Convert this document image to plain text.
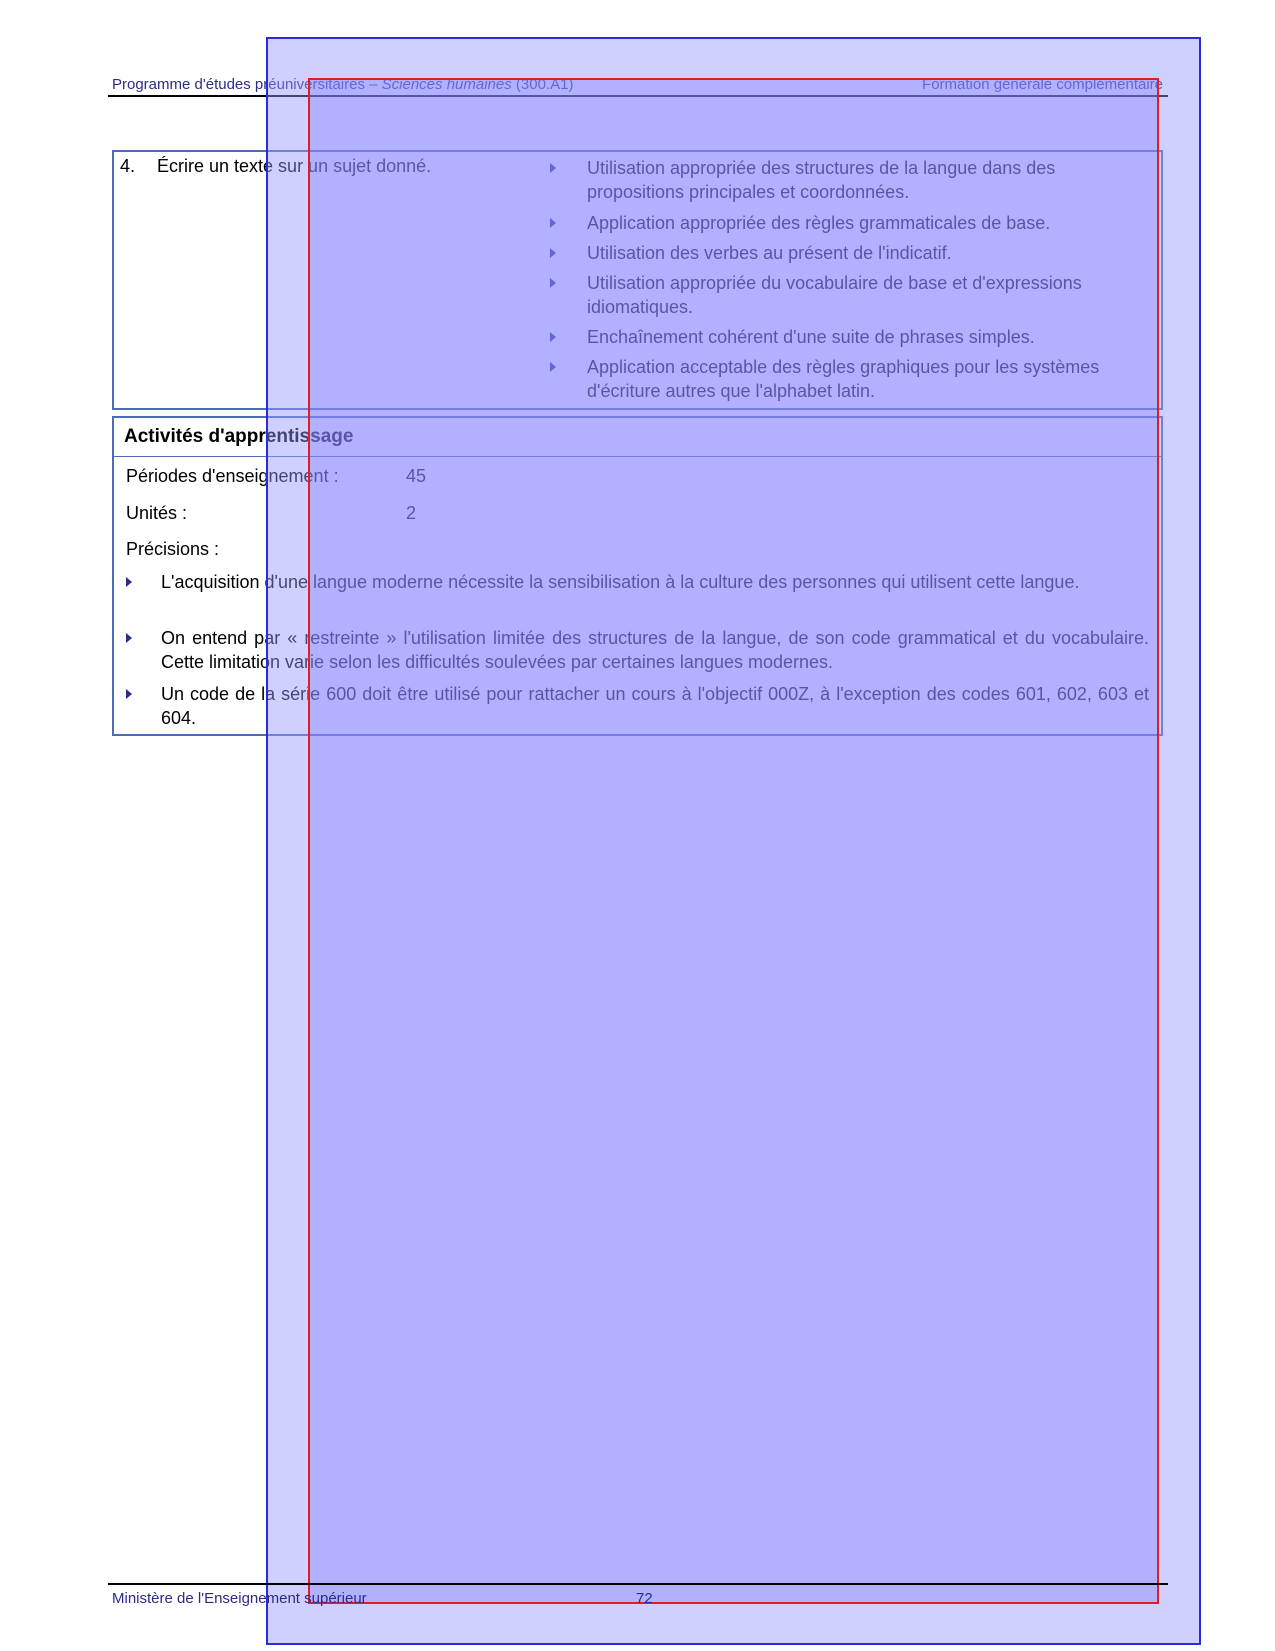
Programme d'études préuniversitaires – Sciences humaines (300.A1)	Formation générale complémentaire
4. Écrire un texte sur un sujet donné.	Utilisation appropriée des structures de la langue dans des propositions principales et coordonnées.
Application appropriée des règles grammaticales de base.
Utilisation des verbes au présent de l'indicatif.
Utilisation appropriée du vocabulaire de base et d'expressions idiomatiques.
Enchaînement cohérent d'une suite de phrases simples.
Application acceptable des règles graphiques pour les systèmes d'écriture autres que l'alphabet latin.
Activités d'apprentissage
Périodes d'enseignement :	45
Unités :	2
Précisions :
L'acquisition d'une langue moderne nécessite la sensibilisation à la culture des personnes qui utilisent cette langue.
On entend par « restreinte » l'utilisation limitée des structures de la langue, de son code grammatical et du vocabulaire. Cette limitation varie selon les difficultés soulevées par certaines langues modernes.
Un code de la série 600 doit être utilisé pour rattacher un cours à l'objectif 000Z, à l'exception des codes 601, 602, 603 et 604.
Ministère de l'Enseignement supérieur	72
